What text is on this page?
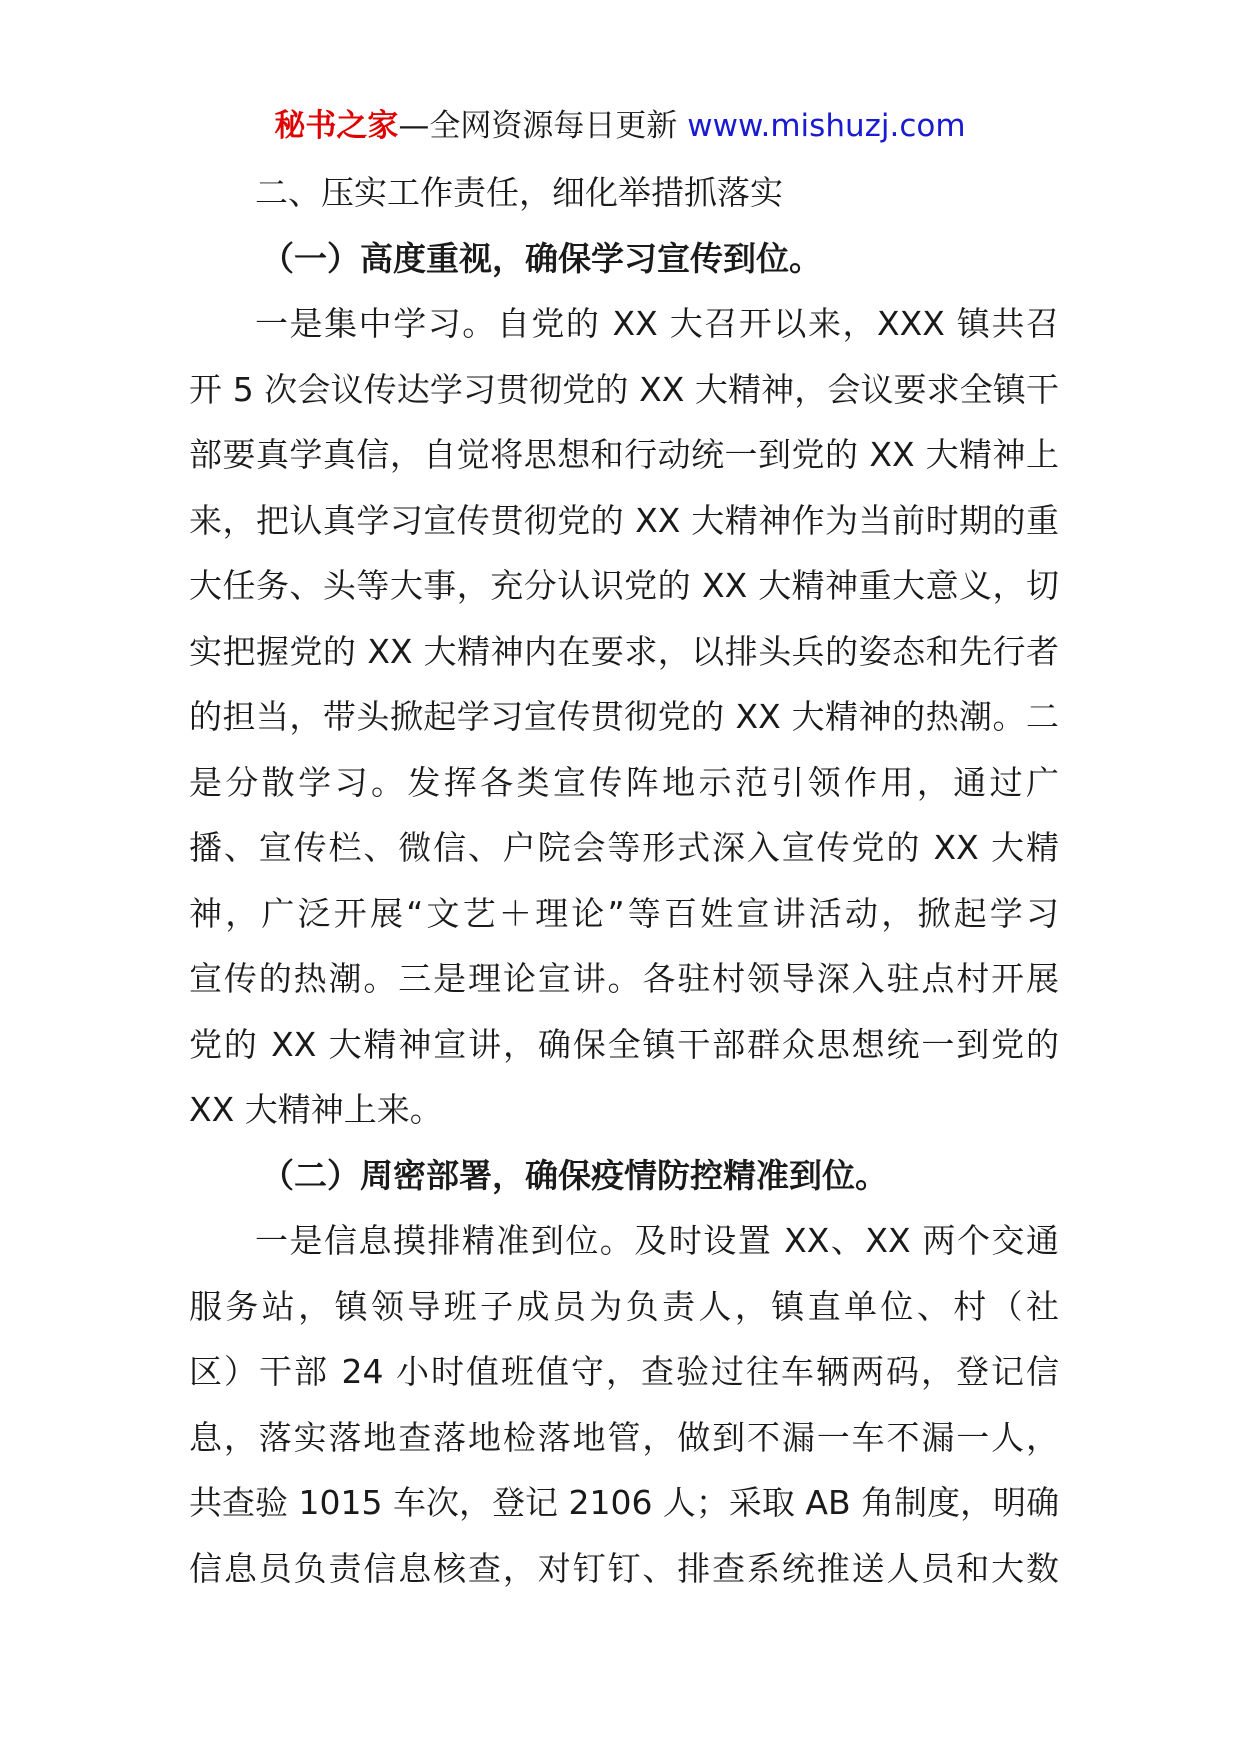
秘书之家—全网资源每日更新 www.mishuzj.com
二、压实工作责任，细化举措抓落实
（一）高度重视，确保学习宣传到位。
一是集中学习。自党的 XX 大召开以来，XXX 镇共召
开 5 次会议传达学习贯彻党的 XX 大精神，会议要求全镇干
部要真学真信，自觉将思想和行动统一到党的 XX 大精神上
来，把认真学习宣传贯彻党的 XX 大精神作为当前时期的重
大任务、头等大事，充分认识党的 XX 大精神重大意义，切
实把握党的 XX 大精神内在要求，以排头兵的姿态和先行者
的担当，带头掀起学习宣传贯彻党的 XX 大精神的热潮。二
是分散学习。发挥各类宣传阵地示范引领作用，通过广
播、宣传栏、微信、户院会等形式深入宣传党的 XX 大精
神，广泛开展“文艺＋理论”等百姓宣讲活动，掀起学习
宣传的热潮。三是理论宣讲。各驻村领导深入驻点村开展
党的 XX 大精神宣讲，确保全镇干部群众思想统一到党的
XX 大精神上来。
（二）周密部署，确保疫情防控精准到位。
一是信息摸排精准到位。及时设置 XX、XX 两个交通
服务站，镇领导班子成员为负责人，镇直单位、村（社
区）干部 24 小时值班值守，查验过往车辆两码，登记信
息，落实落地查落地检落地管，做到不漏一车不漏一人，
共查验 1015 车次，登记 2106 人；采取 AB 角制度，明确
信息员负责信息核查，对钉钉、排查系统推送人员和大数
